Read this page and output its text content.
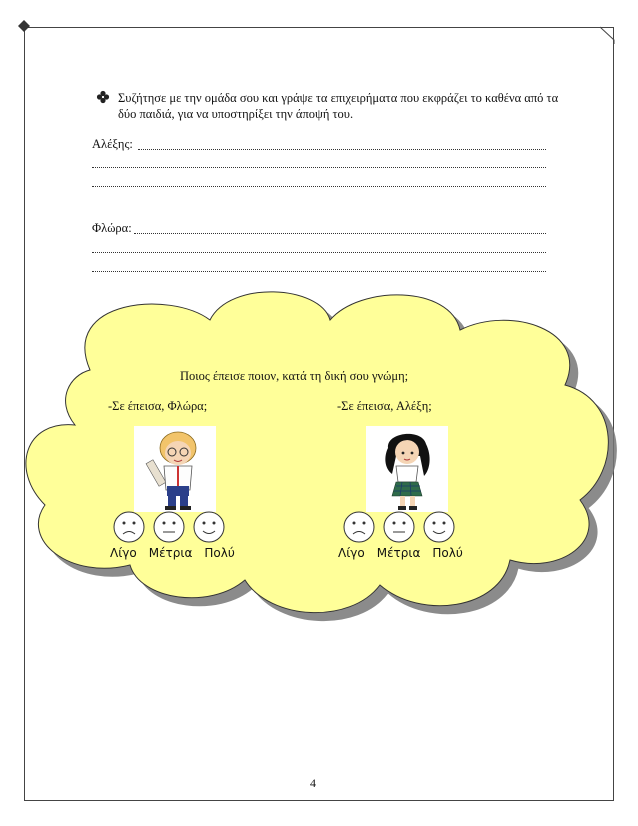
Συζήτησε με την ομάδα σου και γράψε τα επιχειρήματα που εκφράζει το καθένα από τα δύο παιδιά, για να υποστηρίξει την άποψή του.
Αλέξης:
Φλώρα:
Ποιος έπεισε ποιον, κατά τη δική σου γνώμη;
-Σε έπεισα, Φλώρα;	-Σε έπεισα, Αλέξη;
Λίγο Μέτρια Πολύ	Λίγο Μέτρια Πολύ
4
